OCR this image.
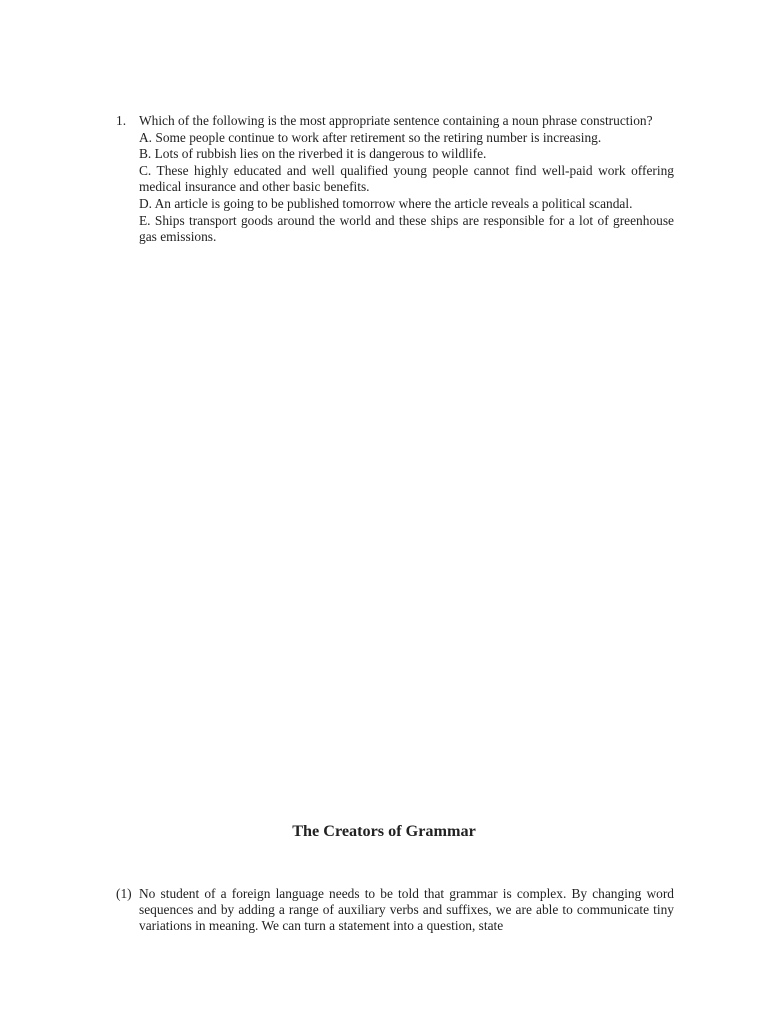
1. Which of the following is the most appropriate sentence containing a noun phrase construction?

A. Some people continue to work after retirement so the retiring number is increasing.

B. Lots of rubbish lies on the riverbed it is dangerous to wildlife.

C. These highly educated and well qualified young people cannot find well-paid work offering medical insurance and other basic benefits.

D. An article is going to be published tomorrow where the article reveals a political scandal.

E. Ships transport goods around the world and these ships are responsible for a lot of greenhouse gas emissions.

The Creators of Grammar
(1) No student of a foreign language needs to be told that grammar is complex. By changing word sequences and by adding a range of auxiliary verbs and suffixes, we are able to communicate tiny variations in meaning. We can turn a statement into a question, state
